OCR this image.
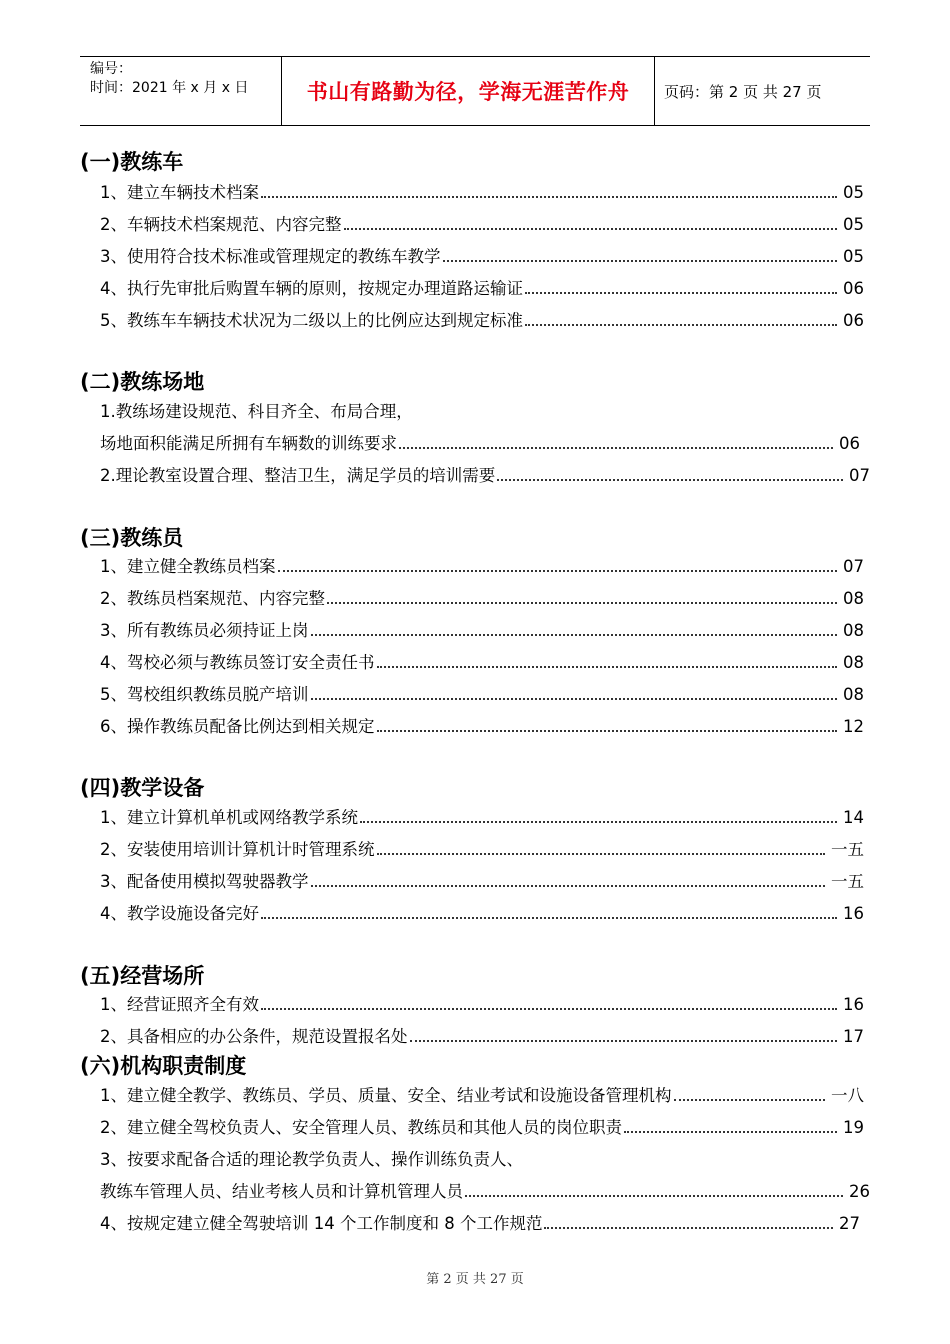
编号：
时间：2021 年 x 月 x 日	书山有路勤为径，学海无涯苦作舟 页码：第 2 页 共 27 页
(一)教练车
1、建立车辆技术档案	05
2、车辆技术档案规范、内容完整	05
3、使用符合技术标准或管理规定的教练车教学	05
4、执行先审批后购置车辆的原则，按规定办理道路运输证	06
5、教练车车辆技术状况为二级以上的比例应达到规定标准	06
(二)教练场地
1.教练场建设规范、科目齐全、布局合理，
场地面积能满足所拥有车辆数的训练要求	06
2.理论教室设置合理、整洁卫生，满足学员的培训需要	07
(三)教练员
1、建立健全教练员档案	07
2、教练员档案规范、内容完整	08
3、所有教练员必须持证上岗	08
4、驾校必须与教练员签订安全责任书	08
5、驾校组织教练员脱产培训	08
6、操作教练员配备比例达到相关规定	12
(四)教学设备
1、建立计算机单机或网络教学系统	14
2、安装使用培训计算机计时管理系统	一五
3、配备使用模拟驾驶器教学	一五
4、教学设施设备完好	16
(五)经营场所
1、经营证照齐全有效	16
2、具备相应的办公条件，规范设置报名处	17
(六)机构职责制度
1、建立健全教学、教练员、学员、质量、安全、结业考试和设施设备管理机构	一八
2、建立健全驾校负责人、安全管理人员、教练员和其他人员的岗位职责	19
3、按要求配备合适的理论教学负责人、操作训练负责人、
教练车管理人员、结业考核人员和计算机管理人员	26
4、按规定建立健全驾驶培训 14 个工作制度和 8 个工作规范	27
第 2 页 共 27 页
